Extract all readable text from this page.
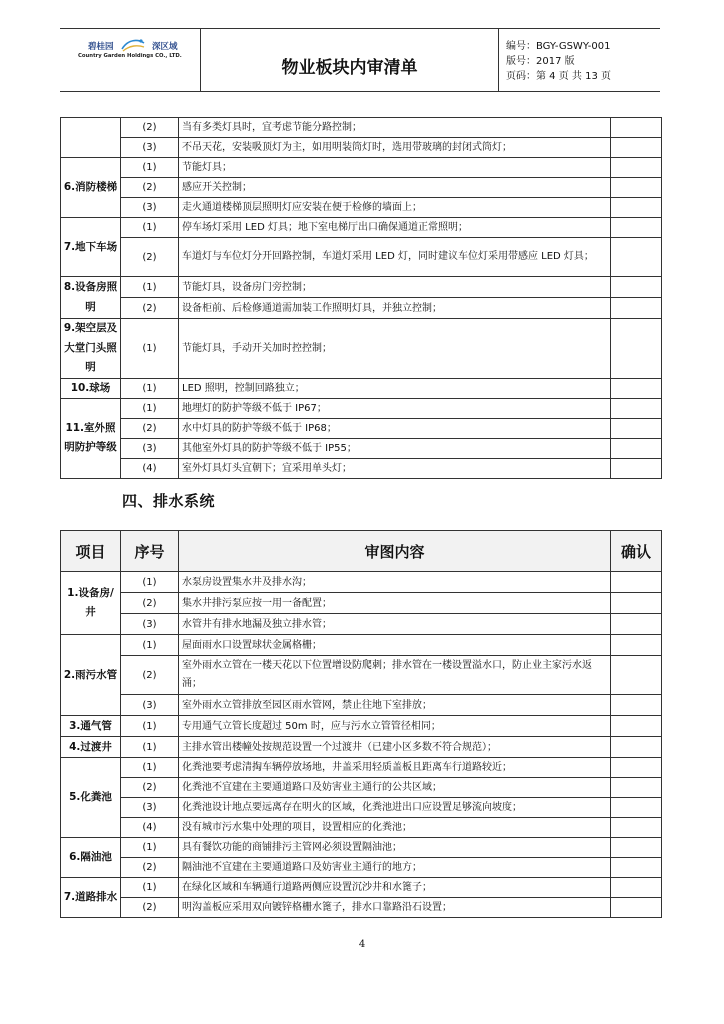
碧桂园	深区域
Country Garden Holdings CO., LTD.
物业板块内审清单
编号：BGY-GSWY-001
版号：2017 版
页码：第 4 页 共 13 页
	(2)	当有多类灯具时，宜考虑节能分路控制；	
	(3)	不吊天花，安装吸顶灯为主，如用明装筒灯时，选用带玻璃的封闭式筒灯；	
6.消防楼梯	(1)	节能灯具；	
	(2)	感应开关控制；	
	(3)	走火通道楼梯顶层照明灯应安装在便于检修的墙面上；	
7.地下车场	(1)	停车场灯采用 LED 灯具；地下室电梯厅出口确保通道正常照明；	
	(2)	车道灯与车位灯分开回路控制，车道灯采用 LED 灯，同时建议车位灯采用带感应 LED 灯具；	
8.设备房照明	(1)	节能灯具，设备房门旁控制；	
	(2)	设备柜前、后检修通道需加装工作照明灯具，并独立控制；	
9.架空层及大堂门头照明	(1)	节能灯具，手动开关加时控控制；	
10.球场	(1)	LED 照明，控制回路独立；	
11.室外照明防护等级	(1)	地埋灯的防护等级不低于 IP67；	
	(2)	水中灯具的防护等级不低于 IP68；	
	(3)	其他室外灯具的防护等级不低于 IP55；	
	(4)	室外灯具灯头宜朝下；宜采用单头灯；	
四、排水系统
项目	序号	审图内容	确认
1.设备房/井	(1)	水泵房设置集水井及排水沟；	
	(2)	集水井排污泵应按一用一备配置；	
	(3)	水管井有排水地漏及独立排水管；	
2.雨污水管	(1)	屋面雨水口设置球状金属格栅；	
	(2)	室外雨水立管在一楼天花以下位置增设防爬刺；排水管在一楼设置溢水口，防止业主家污水返涌；	
	(3)	室外雨水立管排放至园区雨水管网，禁止往地下室排放；	
3.通气管	(1)	专用通气立管长度超过 50m 时，应与污水立管管径相同；	
4.过渡井	(1)	主排水管出楼幢处按规范设置一个过渡井（已建小区多数不符合规范）；	
5.化粪池	(1)	化粪池要考虑清掏车辆停放场地，井盖采用轻质盖板且距离车行道路较近；	
	(2)	化粪池不宜建在主要通道路口及妨害业主通行的公共区域；	
	(3)	化粪池设计地点要远离存在明火的区域，化粪池进出口应设置足够流向坡度；	
	(4)	没有城市污水集中处理的项目，设置相应的化粪池；	
6.隔油池	(1)	具有餐饮功能的商铺排污主管网必须设置隔油池；	
	(2)	隔油池不宜建在主要通道路口及妨害业主通行的地方；	
7.道路排水	(1)	在绿化区域和车辆通行道路两侧应设置沉沙井和水篦子；	
	(2)	明沟盖板应采用双向镀锌格栅水篦子，排水口靠路沿石设置；	
4
